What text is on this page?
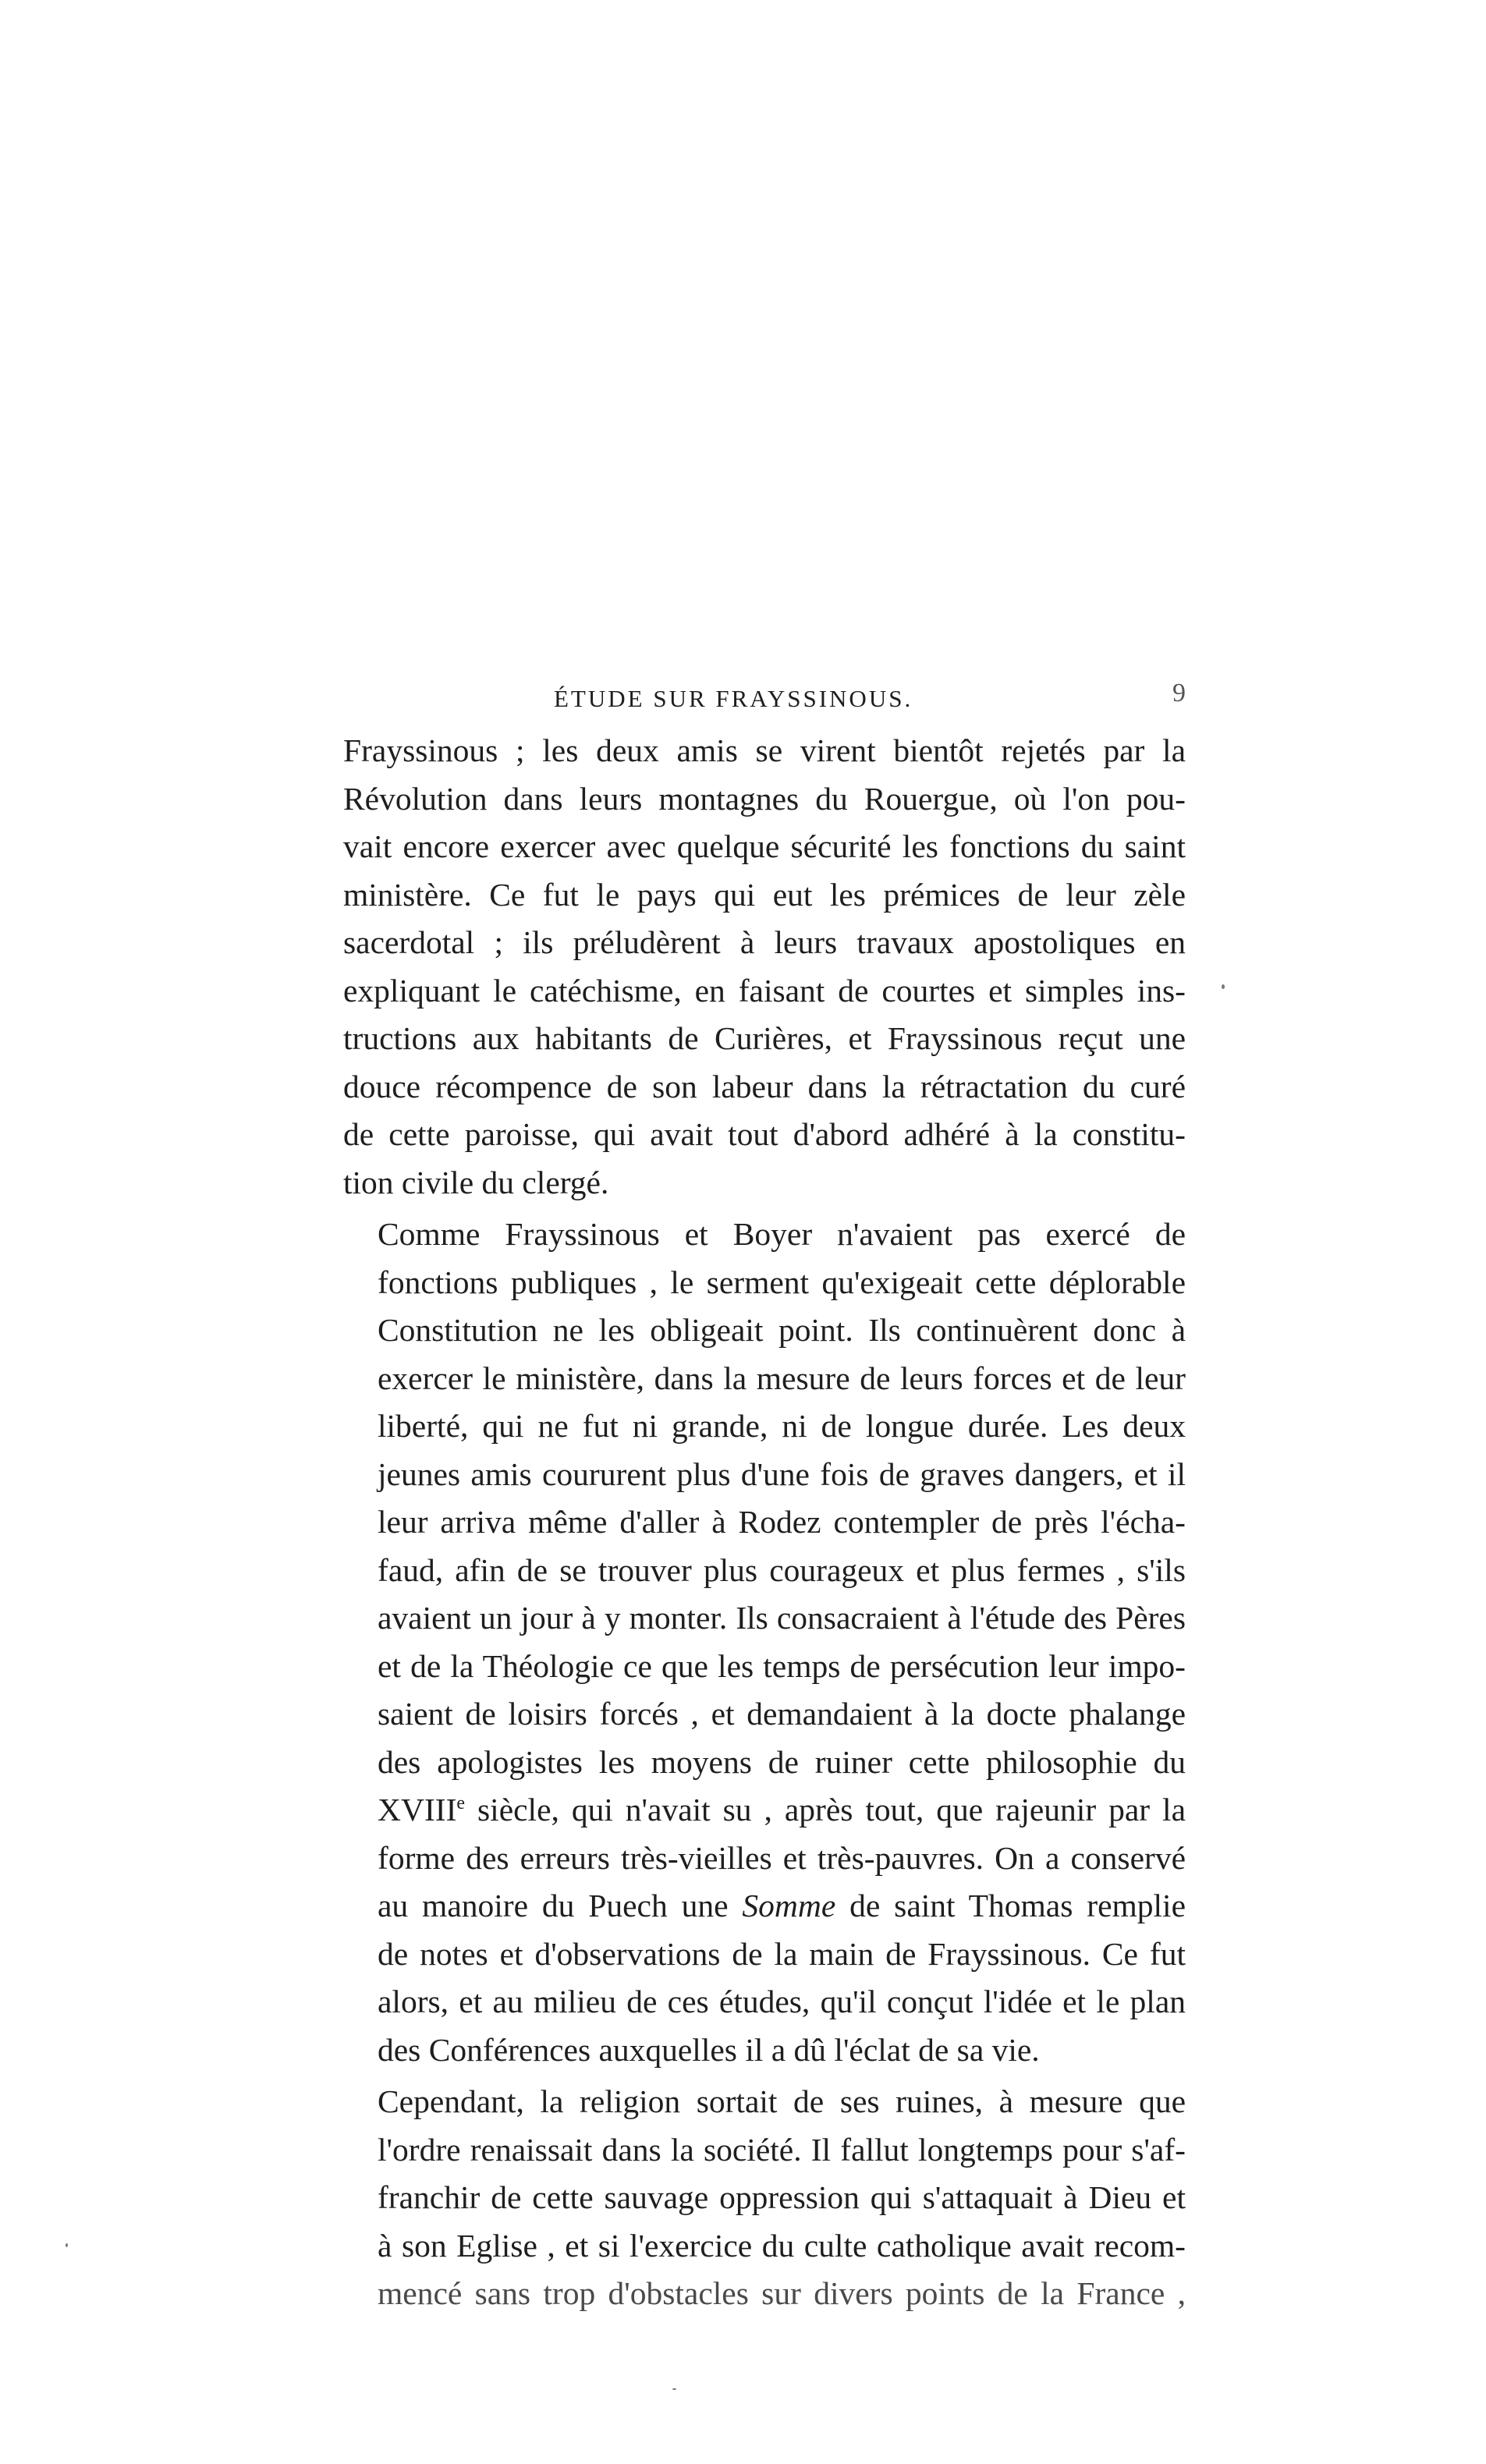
ÉTUDE SUR FRAYSSINOUS.	9

Frayssinous ; les deux amis se virent bientôt rejetés par la
Révolution dans leurs montagnes du Rouergue, où l'on pou-
vait encore exercer avec quelque sécurité les fonctions du saint
ministère. Ce fut le pays qui eut les prémices de leur zèle
sacerdotal ; ils préludèrent à leurs travaux apostoliques en
expliquant le catéchisme, en faisant de courtes et simples ins-
tructions aux habitants de Curières, et Frayssinous reçut une
douce récompence de son labeur dans la rétractation du curé
de cette paroisse, qui avait tout d'abord adhéré à la constitu-
tion civile du clergé.

Comme Frayssinous et Boyer n'avaient pas exercé de
fonctions publiques , le serment qu'exigeait cette déplorable
Constitution ne les obligeait point. Ils continuèrent donc à
exercer le ministère, dans la mesure de leurs forces et de leur
liberté, qui ne fut ni grande, ni de longue durée. Les deux
jeunes amis coururent plus d'une fois de graves dangers, et il
leur arriva même d'aller à Rodez contempler de près l'écha-
faud, afin de se trouver plus courageux et plus fermes , s'ils
avaient un jour à y monter. Ils consacraient à l'étude des Pères
et de la Théologie ce que les temps de persécution leur impo-
saient de loisirs forcés , et demandaient à la docte phalange
des apologistes les moyens de ruiner cette philosophie du
XVIIIe siècle, qui n'avait su , après tout, que rajeunir par la
forme des erreurs très-vieilles et très-pauvres. On a conservé
au manoire du Puech une Somme de saint Thomas remplie
de notes et d'observations de la main de Frayssinous. Ce fut
alors, et au milieu de ces études, qu'il conçut l'idée et le plan
des Conférences auxquelles il a dû l'éclat de sa vie.

Cependant, la religion sortait de ses ruines, à mesure que
l'ordre renaissait dans la société. Il fallut longtemps pour s'af-
franchir de cette sauvage oppression qui s'attaquait à Dieu et
à son Eglise , et si l'exercice du culte catholique avait recom-
mencé sans trop d'obstacles sur divers points de la France ,
